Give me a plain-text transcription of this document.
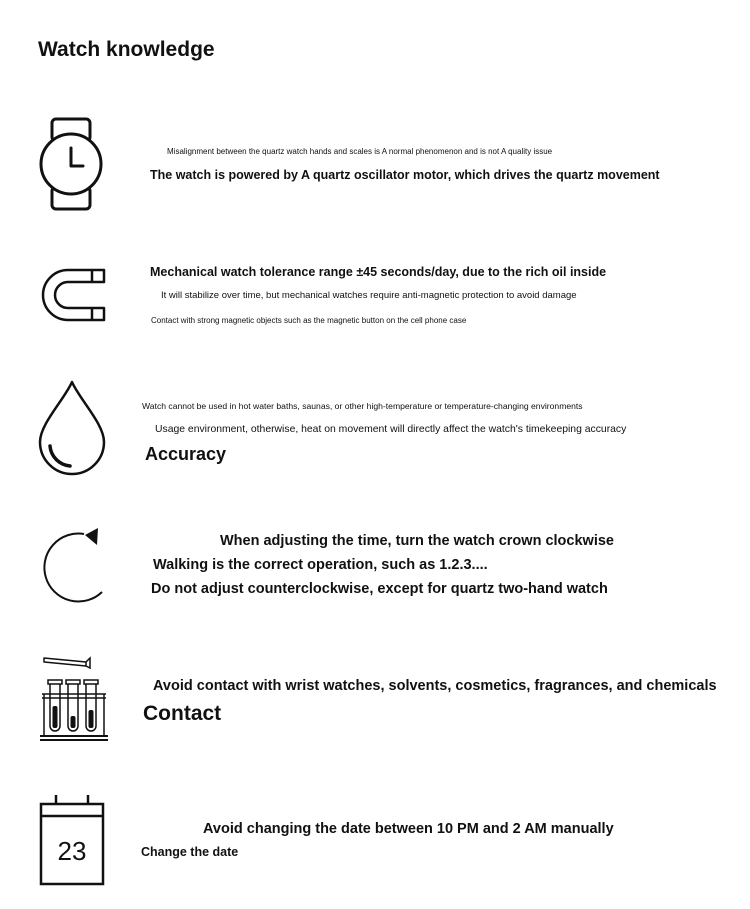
Watch knowledge
Misalignment between the quartz watch hands and scales is A normal phenomenon and is not A quality issue
The watch is powered by A quartz oscillator motor, which drives the quartz movement
Mechanical watch tolerance range ±45 seconds/day, due to the rich oil inside
It will stabilize over time, but mechanical watches require anti-magnetic protection to avoid damage
Contact with strong magnetic objects such as the magnetic button on the cell phone case
Watch cannot be used in hot water baths, saunas, or other high-temperature or temperature-changing environments
Usage environment, otherwise, heat on movement will directly affect the watch's timekeeping accuracy
Accuracy
When adjusting the time, turn the watch crown clockwise
Walking is the correct operation, such as 1.2.3....
Do not adjust counterclockwise, except for quartz two-hand watch
Avoid contact with wrist watches, solvents, cosmetics, fragrances, and chemicals
Contact
23
Avoid changing the date between 10 PM and 2 AM manually
Change the date
